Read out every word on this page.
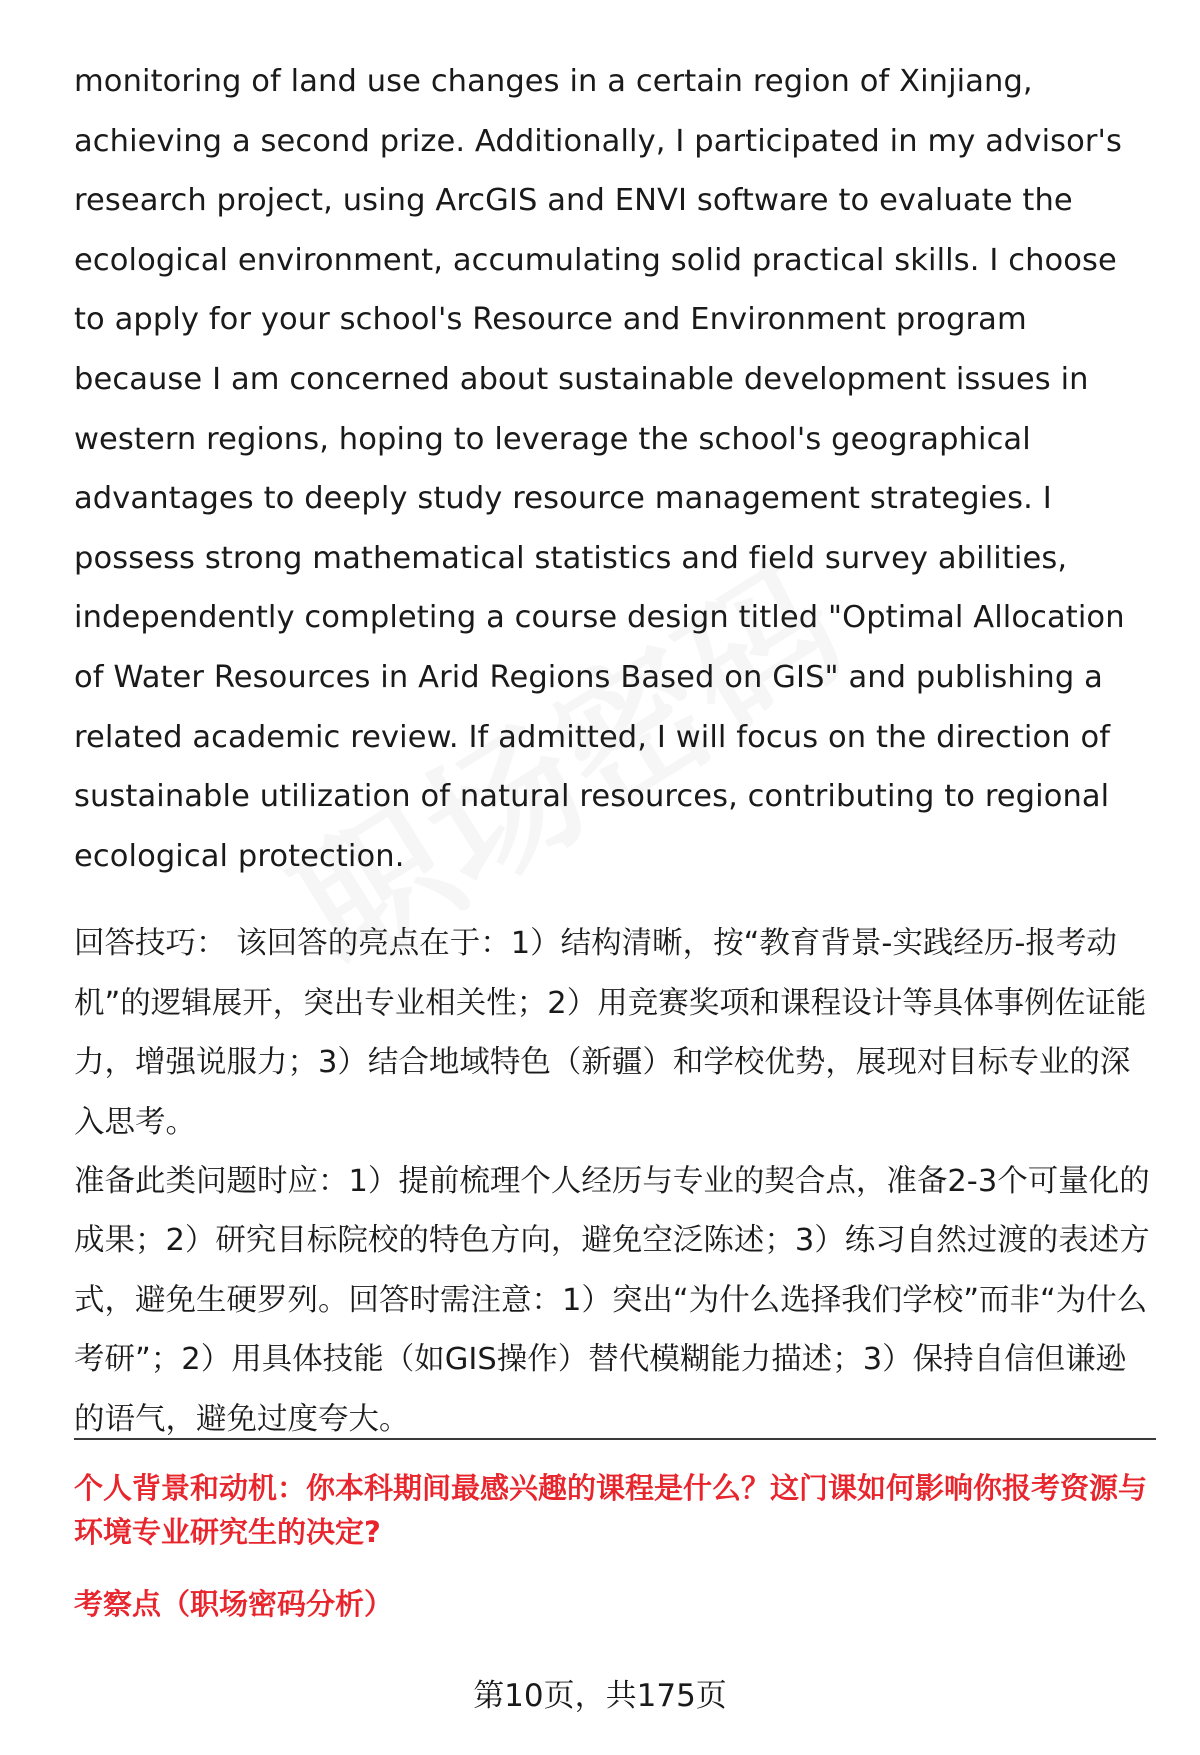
monitoring of land use changes in a certain region of Xinjiang, achieving a second prize. Additionally, I participated in my advisor's research project, using ArcGIS and ENVI software to evaluate the ecological environment, accumulating solid practical skills. I choose to apply for your school's Resource and Environment program because I am concerned about sustainable development issues in western regions, hoping to leverage the school's geographical advantages to deeply study resource management strategies. I possess strong mathematical statistics and field survey abilities, independently completing a course design titled "Optimal Allocation of Water Resources in Arid Regions Based on GIS" and publishing a related academic review. If admitted, I will focus on the direction of sustainable utilization of natural resources, contributing to regional ecological protection.

回答技巧： 该回答的亮点在于：1）结构清晰，按“教育背景-实践经历-报考动机”的逻辑展开，突出专业相关性；2）用竞赛奖项和课程设计等具体事例佐证能力，增强说服力；3）结合地域特色（新疆）和学校优势，展现对目标专业的深入思考。

准备此类问题时应：1）提前梳理个人经历与专业的契合点，准备2-3个可量化的成果；2）研究目标院校的特色方向，避免空泛陈述；3）练习自然过渡的表述方式，避免生硬罗列。回答时需注意：1）突出“为什么选择我们学校”而非“为什么考研”；2）用具体技能（如GIS操作）替代模糊能力描述；3）保持自信但谦逊的语气，避免过度夸大。

个人背景和动机：你本科期间最感兴趣的课程是什么？这门课如何影响你报考资源与环境专业研究生的决定?

考察点（职场密码分析）

第10页，共175页
